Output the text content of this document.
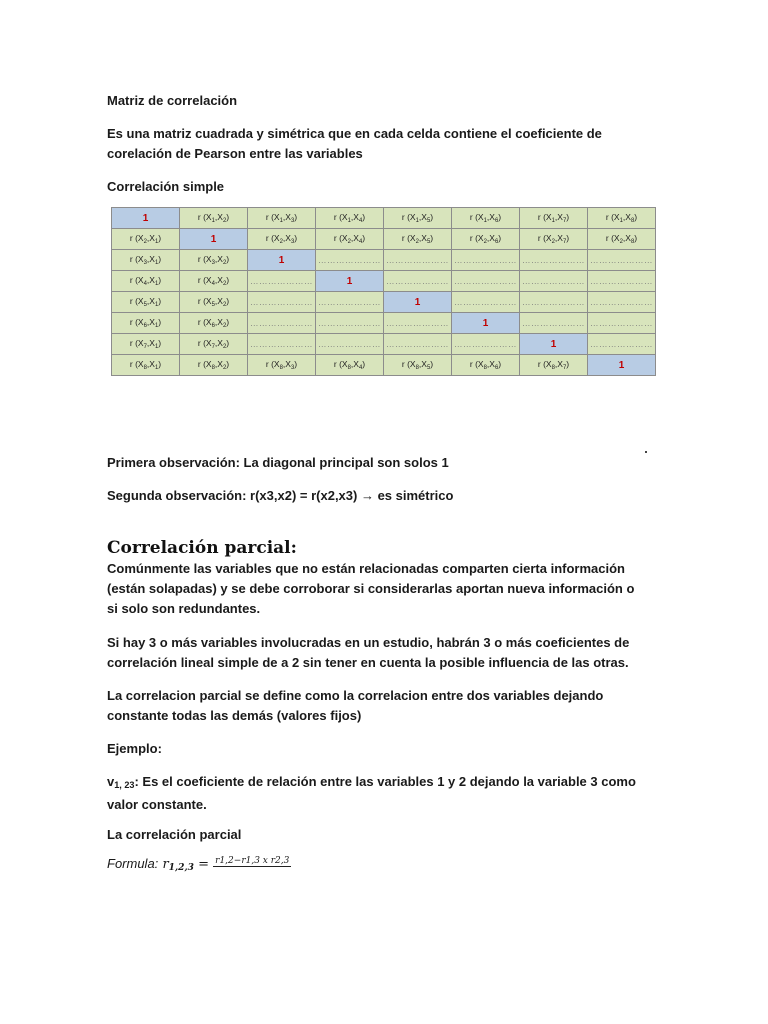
Matriz de correlación
Es una matriz cuadrada y simétrica que en cada celda contiene el coeficiente de corelación de Pearson entre las variables
Correlación simple
1	r $(X_1,X_2)$	r $(X_1,X_3)$	r $(X_1,X_4)$	r $(X_1,X_5)$	r $(X_1,X_6)$	r $(X_1,X_7)$	r $(X_1,X_8)$
r $(X_2,X_1)$	1	r $(X_2,X_3)$	r $(X_2,X_4)$	r $(X_2,X_5)$	r $(X_2,X_6)$	r $(X_2,X_7)$	r $(X_2,X_8)$
r $(X_3,X_1)$	r $(X_3,X_2)$	1	…………………	…………………	…………………	…………………	…………………
r $(X_4,X_1)$	r $(X_4,X_2)$	…………………	1	…………………	…………………	…………………	…………………
r $(X_5,X_1)$	r $(X_5,X_2)$	…………………	…………………	1	…………………	…………………	…………………
r $(X_6,X_1)$	r $(X_6,X_2)$	…………………	…………………	…………………	1	…………………	…………………
r $(X_7,X_1)$	r $(X_7,X_2)$	…………………	…………………	…………………	…………………	1	…………………
r $(X_8,X_1)$	r $(X_8,X_2)$	r $(X_8,X_3)$	r $(X_8,X_4)$	r $(X_8,X_5)$	r $(X_8,X_6)$	r $(X_8,X_7)$	1
Primera observación: La diagonal principal son solos 1
Segunda observación: r(x3,x2) = r(x2,x3) → es simétrico
Correlación parcial:
Comúnmente las variables que no están relacionadas comparten cierta información (están solapadas) y se debe corroborar si considerarlas aportan nueva información o si solo son redundantes.
Si hay 3 o más variables involucradas en un estudio, habrán 3 o más coeficientes de correlación lineal simple de a 2 sin tener en cuenta la posible influencia de las otras.
La correlacion parcial se define como la correlacion entre dos variables dejando constante todas las demás (valores fijos)
Ejemplo:
$v_{1, 23}$: Es el coeficiente de relación entre las variables 1 y 2 dejando la variable 3 como valor constante.
La correlación parcial
Formula: $r_{1,2,3} = r1,2-r1,3$ x r2,3
